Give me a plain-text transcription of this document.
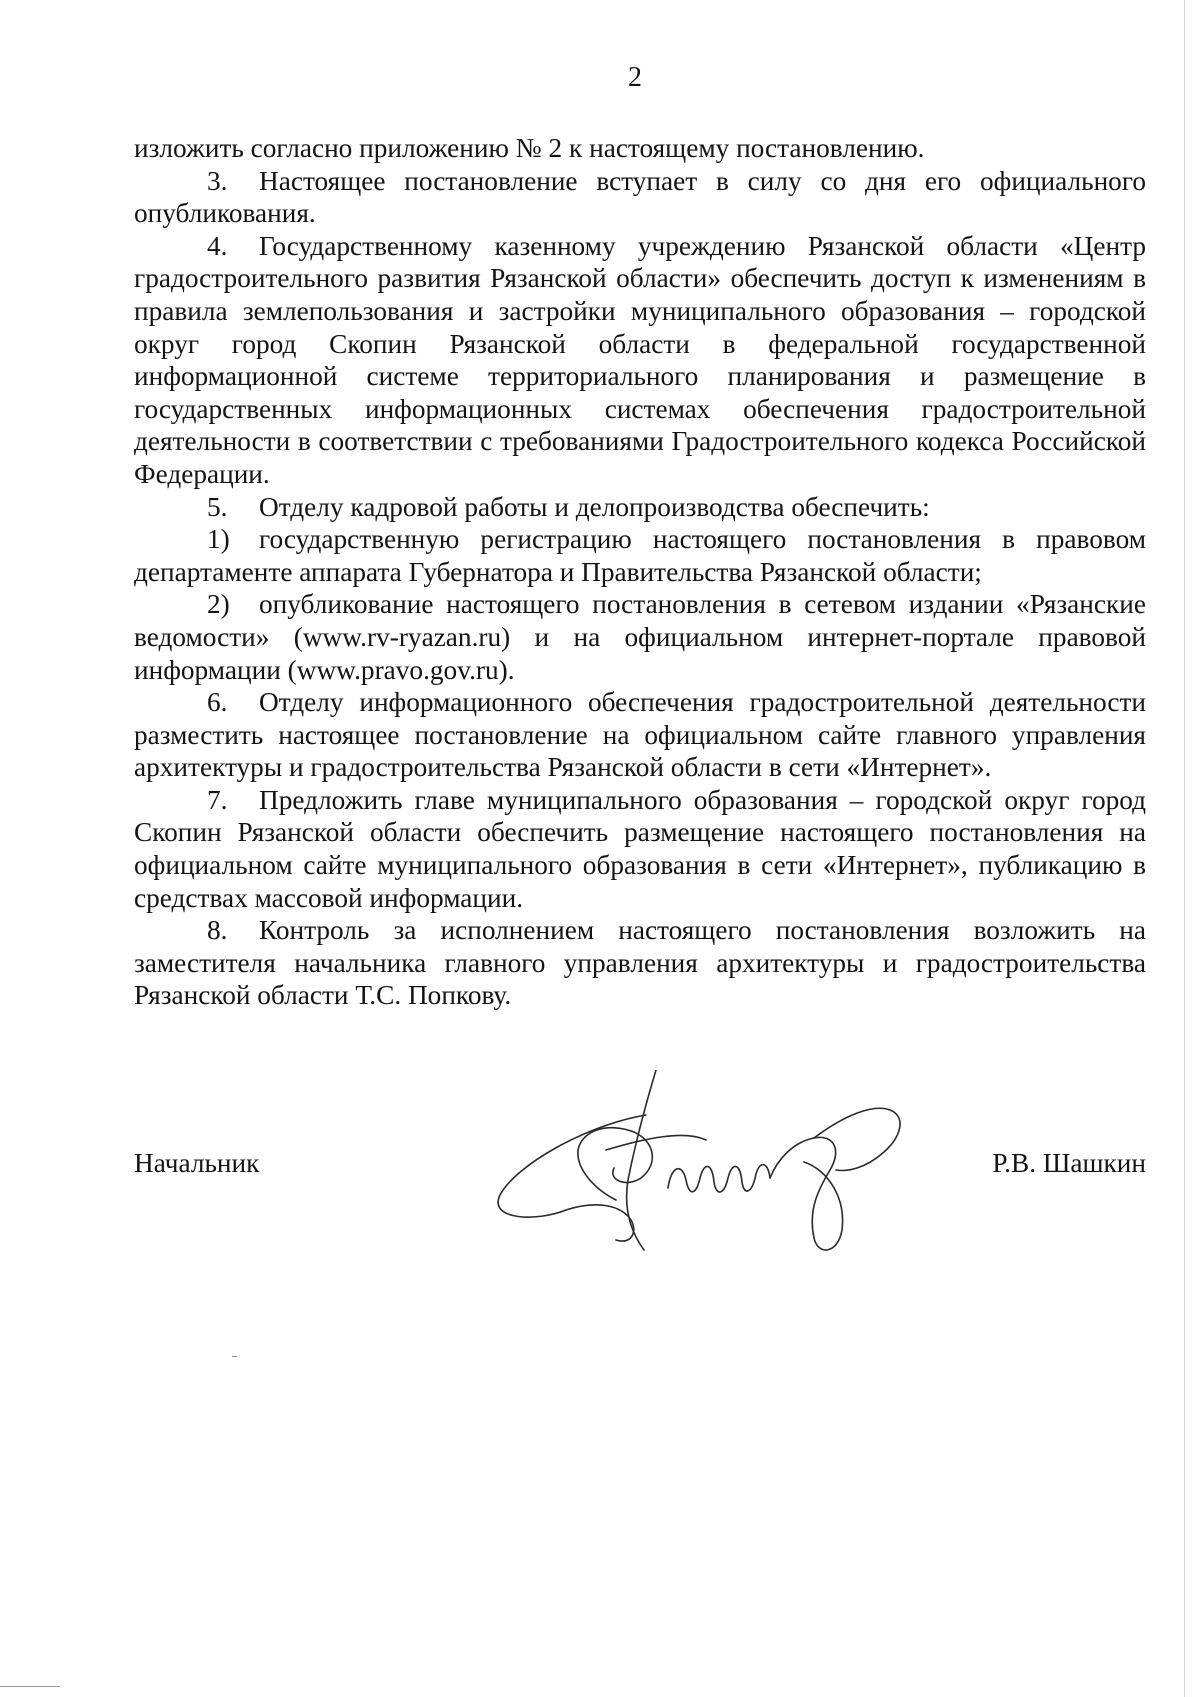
2

изложить согласно приложению № 2 к настоящему постановлению.

3. Настоящее постановление вступает в силу со дня его официального опубликования.

4. Государственному казенному учреждению Рязанской области «Центр градостроительного развития Рязанской области» обеспечить доступ к изменениям в правила землепользования и застройки муниципального образования – городской округ город Скопин Рязанской области в федеральной государственной информационной системе территориального планирования и размещение в государственных информационных системах обеспечения градостроительной деятельности в соответствии с требованиями Градостроительного кодекса Российской Федерации.

5. Отделу кадровой работы и делопроизводства обеспечить:

1) государственную регистрацию настоящего постановления в правовом департаменте аппарата Губернатора и Правительства Рязанской области;

2) опубликование настоящего постановления в сетевом издании «Рязанские ведомости» (www.rv-ryazan.ru) и на официальном интернет-портале правовой информации (www.pravo.gov.ru).

6. Отделу информационного обеспечения градостроительной деятельности разместить настоящее постановление на официальном сайте главного управления архитектуры и градостроительства Рязанской области в сети «Интернет».

7. Предложить главе муниципального образования – городской округ город Скопин Рязанской области обеспечить размещение настоящего постановления на официальном сайте муниципального образования в сети «Интернет», публикацию в средствах массовой информации.

8. Контроль за исполнением настоящего постановления возложить на заместителя начальника главного управления архитектуры и градостроительства Рязанской области Т.С. Попкову.

Начальник	Р.В. Шашкин
